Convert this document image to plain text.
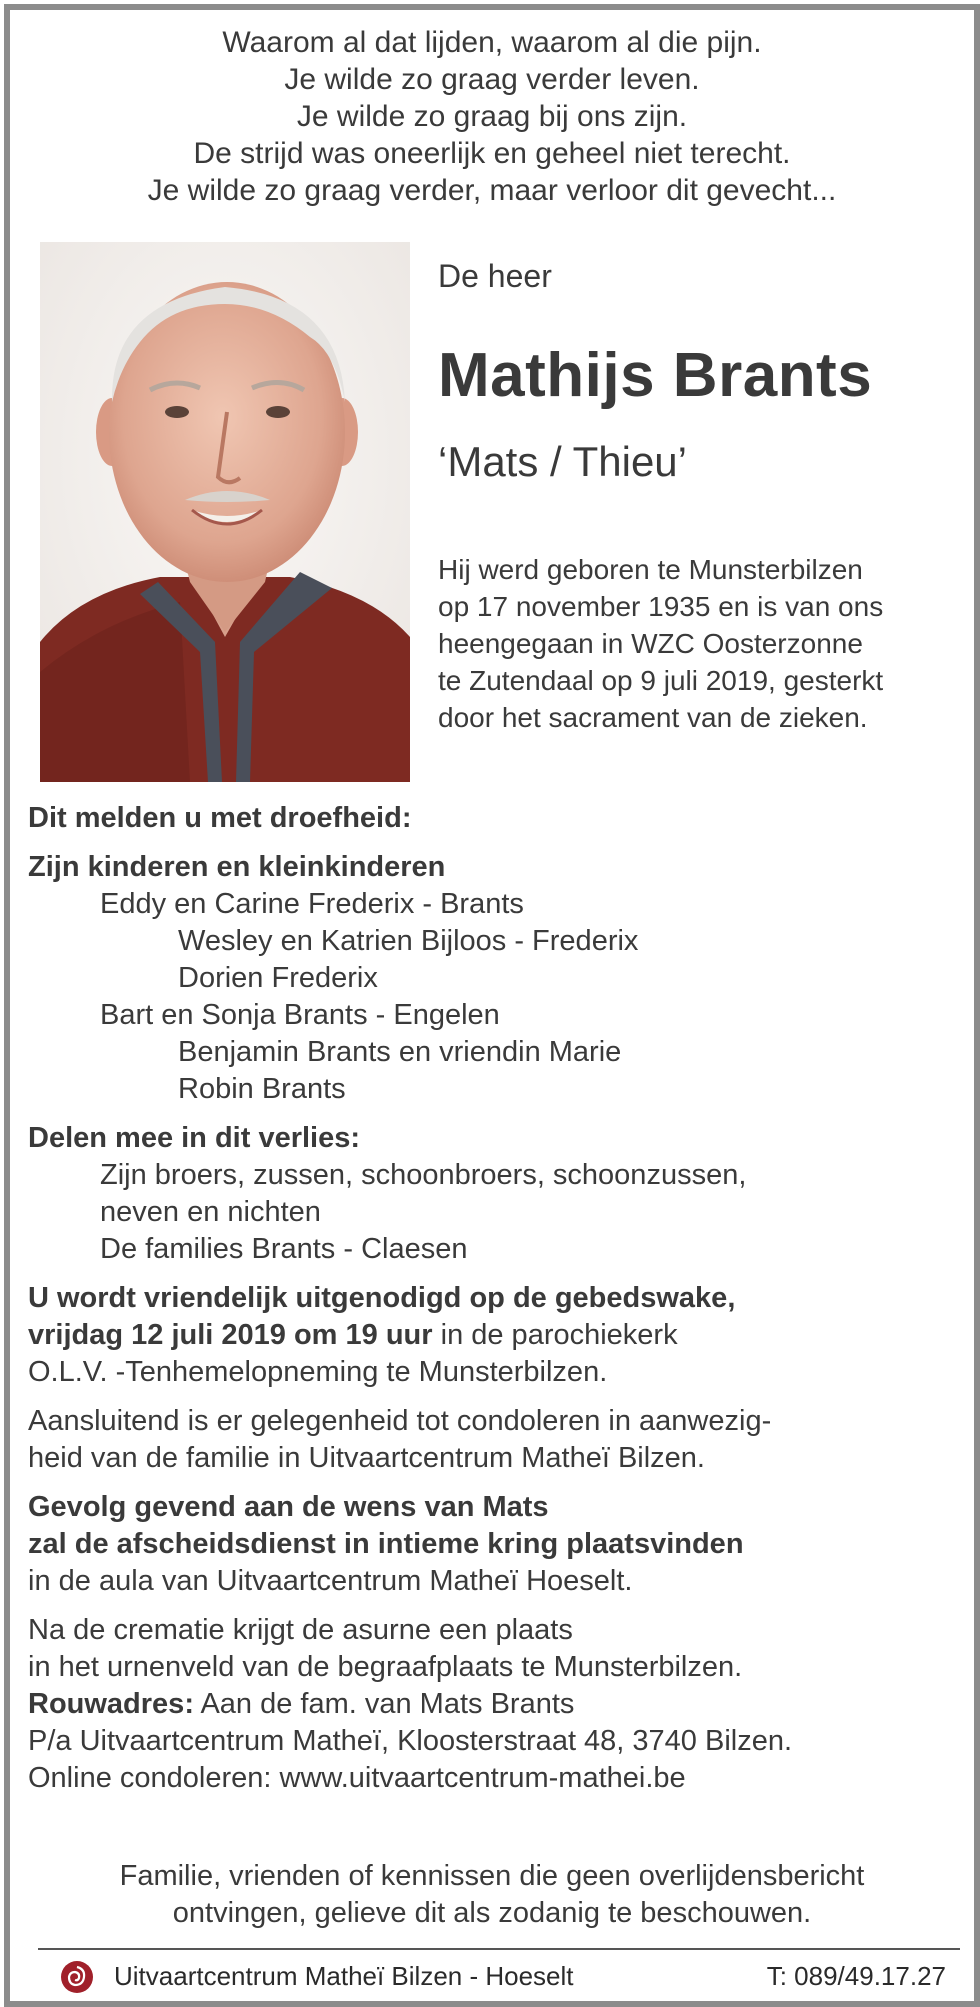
Waarom al dat lijden, waarom al die pijn.
Je wilde zo graag verder leven.
Je wilde zo graag bij ons zijn.
De strijd was oneerlijk en geheel niet terecht.
Je wilde zo graag verder, maar verloor dit gevecht...
De heer
Mathijs Brants
‘Mats / Thieu’
Hij werd geboren te Munsterbilzen
op 17 november 1935 en is van ons
heengegaan in WZC Oosterzonne
te Zutendaal op 9 juli 2019, gesterkt
door het sacrament van de zieken.
Dit melden u met droefheid:
Zijn kinderen en kleinkinderen
Eddy en Carine Frederix - Brants
Wesley en Katrien Bijloos - Frederix
Dorien Frederix
Bart en Sonja Brants - Engelen
Benjamin Brants en vriendin Marie
Robin Brants
Delen mee in dit verlies:
Zijn broers, zussen, schoonbroers, schoonzussen,
neven en nichten
De families Brants - Claesen
U wordt vriendelijk uitgenodigd op de gebedswake,
vrijdag 12 juli 2019 om 19 uur in de parochiekerk
O.L.V. -Tenhemelopneming te Munsterbilzen.
Aansluitend is er gelegenheid tot condoleren in aanwezig-
heid van de familie in Uitvaartcentrum Matheï Bilzen.
Gevolg gevend aan de wens van Mats
zal de afscheidsdienst in intieme kring plaatsvinden
in de aula van Uitvaartcentrum Matheï Hoeselt.
Na de crematie krijgt de asurne een plaats
in het urnenveld van de begraafplaats te Munsterbilzen.
Rouwadres: Aan de fam. van Mats Brants
P/a Uitvaartcentrum Matheï, Kloosterstraat 48, 3740 Bilzen.
Online condoleren: www.uitvaartcentrum-mathei.be
Familie, vrienden of kennissen die geen overlijdensbericht
ontvingen, gelieve dit als zodanig te beschouwen.
Uitvaartcentrum Matheï Bilzen - Hoeselt	T: 089/49.17.27
